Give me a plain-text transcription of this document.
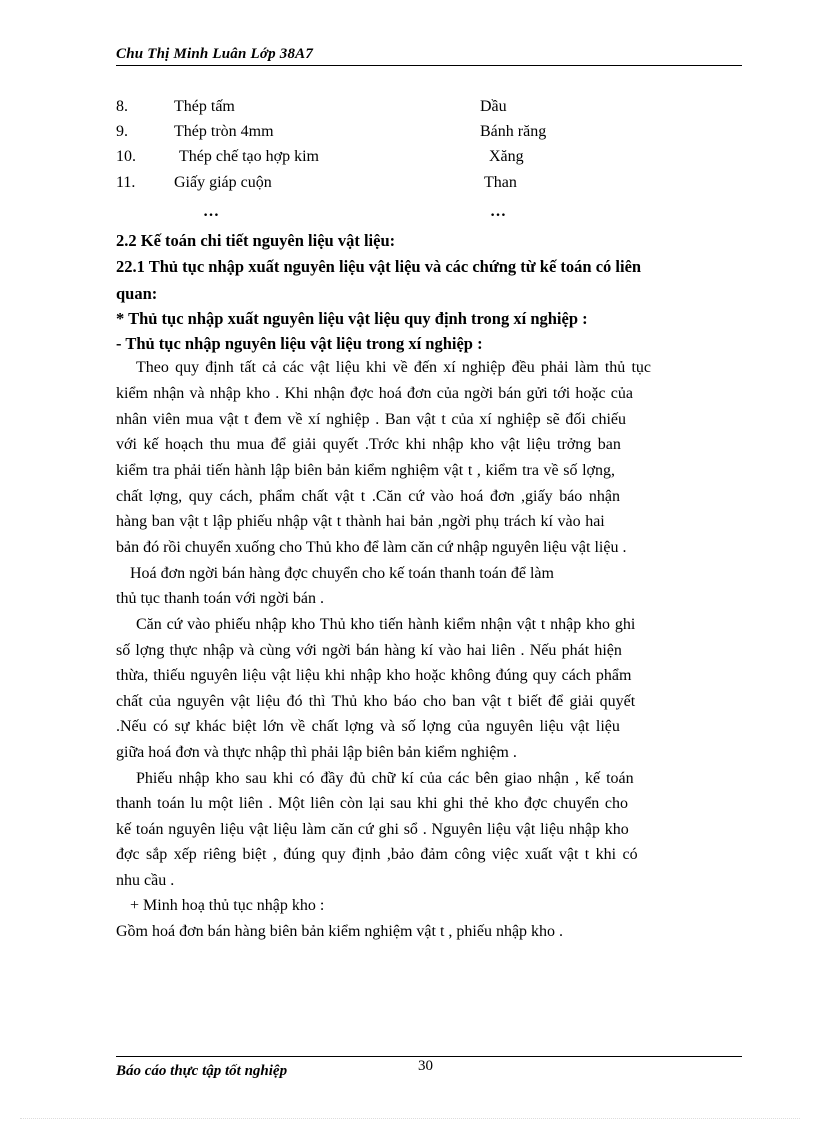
Chu Thị Minh Luân Lớp 38A7
8.	Thép tấm	Dầu
9.	Thép tròn 4mm	Bánh răng
10.	Thép chế tạo hợp kim	Xăng
11. Giấy giáp cuộn	Than
…	…
2.2 Kế toán chi tiết nguyên liệu vật liệu:
22.1 Thủ tục nhập xuất nguyên liệu vật liệu và các chứng từ kế toán có liên
quan:
* Thủ tục nhập xuất nguyên liệu vật liệu quy định trong xí nghiệp :
- Thủ tục nhập nguyên liệu vật liệu trong xí nghiệp :
Theo quy định tất cả các vật liệu khi về đến xí nghiệp đều phải làm thủ tục
kiểm nhận và nhập kho . Khi nhận đợc hoá đơn của ngời bán gửi tới hoặc của
nhân viên mua vật t đem về xí nghiệp . Ban vật t của xí nghiệp sẽ đối chiếu
với kế hoạch thu mua để giải quyết .Trớc khi nhập kho vật liệu trởng ban
kiểm tra phải tiến hành lập biên bản kiểm nghiệm vật t , kiểm tra về số lợng,
chất lợng, quy cách, phẩm chất vật t .Căn cứ vào hoá đơn ,giấy báo nhận
hàng ban vật t lập phiếu nhập vật t thành hai bản ,ngời phụ trách kí vào hai
bản đó rồi chuyển xuống cho Thủ kho để làm căn cứ nhập nguyên liệu vật liệu .
Hoá đơn ngời bán hàng đợc chuyển cho kế toán thanh toán để làm
thủ tục thanh toán với ngời bán .
Căn cứ vào phiếu nhập kho Thủ kho tiến hành kiểm nhận vật t nhập kho ghi
số lợng thực nhập và cùng với ngời bán hàng kí vào hai liên . Nếu phát hiện
thừa, thiếu nguyên liệu vật liệu khi nhập kho hoặc không đúng quy cách phẩm
chất của nguyên vật liệu đó thì Thủ kho báo cho ban vật t biết để giải quyết
.Nếu có sự khác biệt lớn về chất lợng và số lợng của nguyên liệu vật liệu
giữa hoá đơn và thực nhập thì phải lập biên bản kiểm nghiệm .
Phiếu nhập kho sau khi có đầy đủ chữ kí của các bên giao nhận , kế toán
thanh toán lu một liên . Một liên còn lại sau khi ghi thẻ kho đợc chuyển cho
kế toán nguyên liệu vật liệu làm căn cứ ghi sổ . Nguyên liệu vật liệu nhập kho
đợc sắp xếp riêng biệt , đúng quy định ,bảo đảm công việc xuất vật t khi có
nhu cầu .
+ Minh hoạ thủ tục nhập kho :
Gồm hoá đơn bán hàng biên bản kiểm nghiệm vật t , phiếu nhập kho .
Báo cáo thực tập tốt nghiệp	30
